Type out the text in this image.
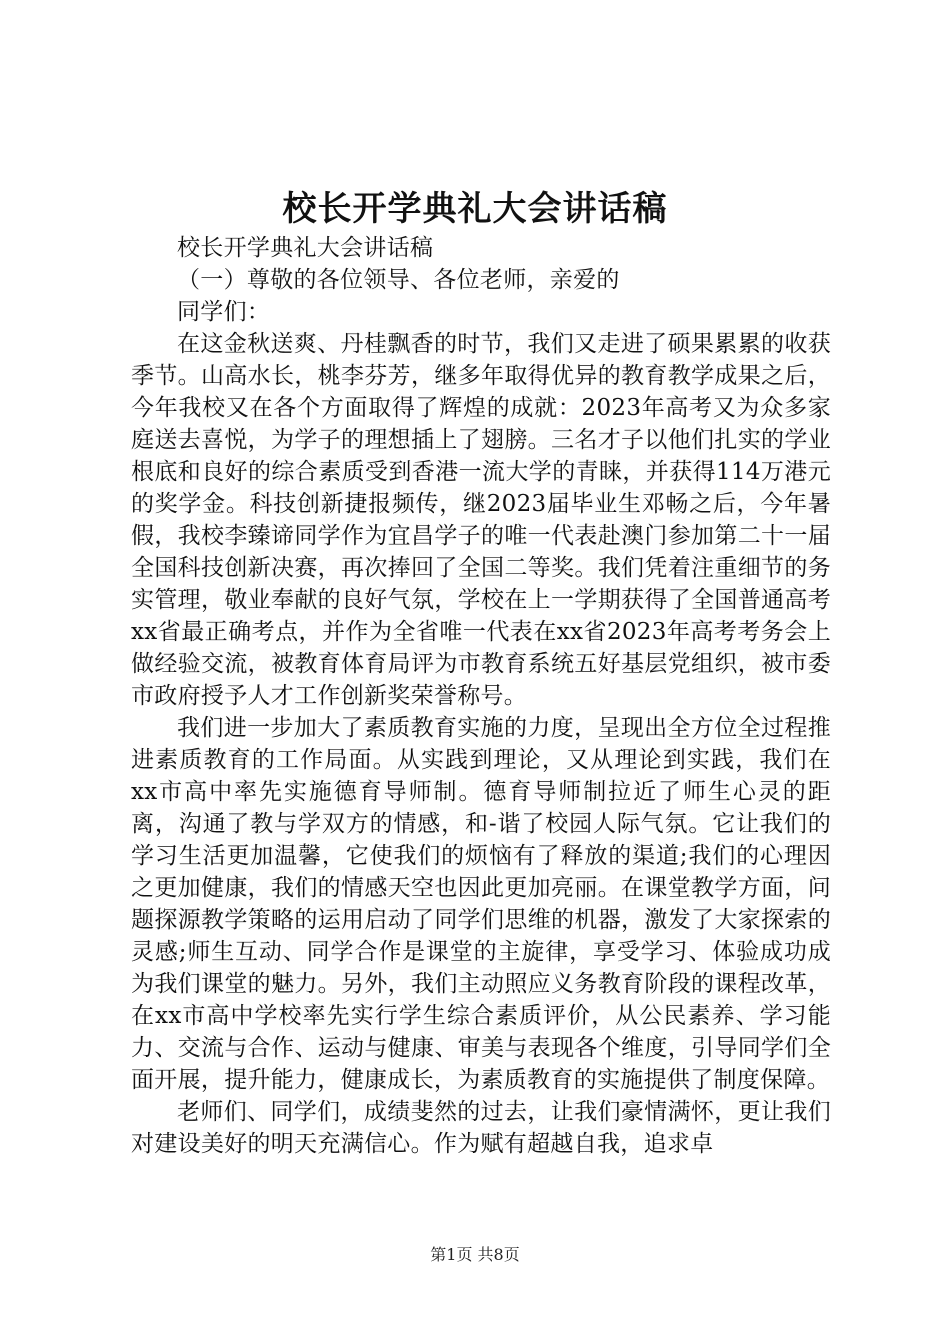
校长开学典礼大会讲话稿

校长开学典礼大会讲话稿

（一）尊敬的各位领导、各位老师，亲爱的

同学们：

在这金秋送爽、丹桂飘香的时节，我们又走进了硕果累累的收获季节。山高水长，桃李芬芳，继多年取得优异的教育教学成果之后，今年我校又在各个方面取得了辉煌的成就：2023年高考又为众多家庭送去喜悦，为学子的理想插上了翅膀。三名才子以他们扎实的学业根底和良好的综合素质受到香港一流大学的青睐，并获得114万港元的奖学金。科技创新捷报频传，继2023届毕业生邓畅之后，今年暑假，我校李臻谛同学作为宜昌学子的唯一代表赴澳门参加第二十一届全国科技创新决赛，再次捧回了全国二等奖。我们凭着注重细节的务实管理，敬业奉献的良好气氛，学校在上一学期获得了全国普通高考xx省最正确考点，并作为全省唯一代表在xx省2023年高考考务会上做经验交流，被教育体育局评为市教育系统五好基层党组织，被市委市政府授予人才工作创新奖荣誉称号。

我们进一步加大了素质教育实施的力度，呈现出全方位全过程推进素质教育的工作局面。从实践到理论，又从理论到实践，我们在xx市高中率先实施德育导师制。德育导师制拉近了师生心灵的距离，沟通了教与学双方的情感，和-谐了校园人际气氛。它让我们的学习生活更加温馨，它使我们的烦恼有了释放的渠道;我们的心理因之更加健康，我们的情感天空也因此更加亮丽。在课堂教学方面，问题探源教学策略的运用启动了同学们思维的机器，激发了大家探索的灵感;师生互动、同学合作是课堂的主旋律，享受学习、体验成功成为我们课堂的魅力。另外，我们主动照应义务教育阶段的课程改革，在xx市高中学校率先实行学生综合素质评价，从公民素养、学习能力、交流与合作、运动与健康、审美与表现各个维度，引导同学们全面开展，提升能力，健康成长，为素质教育的实施提供了制度保障。

老师们、同学们，成绩斐然的过去，让我们豪情满怀，更让我们对建设美好的明天充满信心。作为赋有超越自我，追求卓

第1页 共8页
